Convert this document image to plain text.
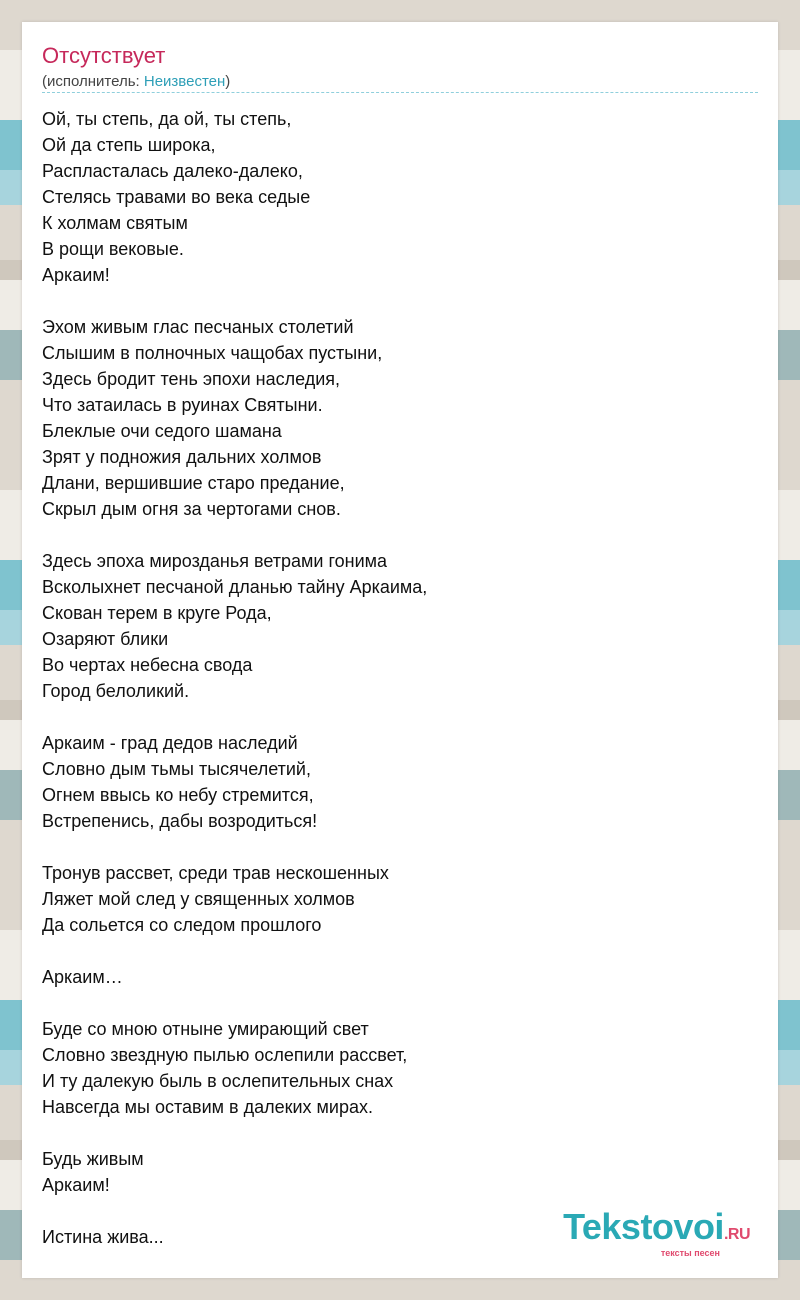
Отсутствует
(исполнитель: Неизвестен)
Ой, ты степь, да ой, ты степь,
Ой да степь широка,
Распласталась далеко-далеко,
Стелясь травами во века седые
К холмам святым
В рощи вековые.
Аркаим!
Эхом живым глас песчаных столетий
Слышим в полночных чащобах пустыни,
Здесь бродит тень эпохи наследия,
Что затаилась в руинах Святыни.
Блеклые очи седого шамана
Зрят у подножия дальних холмов
Длани, вершившие старо предание,
Скрыл дым огня за чертогами снов.
Здесь эпоха мирозданья ветрами гонима
Всколыхнет песчаной дланью тайну Аркаима,
Скован терем в круге Рода,
Озаряют блики
Во чертах небесна свода
Город белоликий.
Аркаим - град дедов наследий
Словно дым тьмы тысячелетий,
Огнем ввысь ко небу стремится,
Встрепенись, дабы возродиться!
Тронув рассвет, среди трав нескошенных
Ляжет мой след у священных холмов
Да сольется со следом прошлого
Аркаим…
Буде со мною отныне умирающий свет
Словно звездную пылью ослепили рассвет,
И ту далекую быль в ослепительных снах
Навсегда мы оставим в далеких мирах.
Будь живым
Аркаим!
Истина жива...	Tekstovoi.RU
тексты песен
